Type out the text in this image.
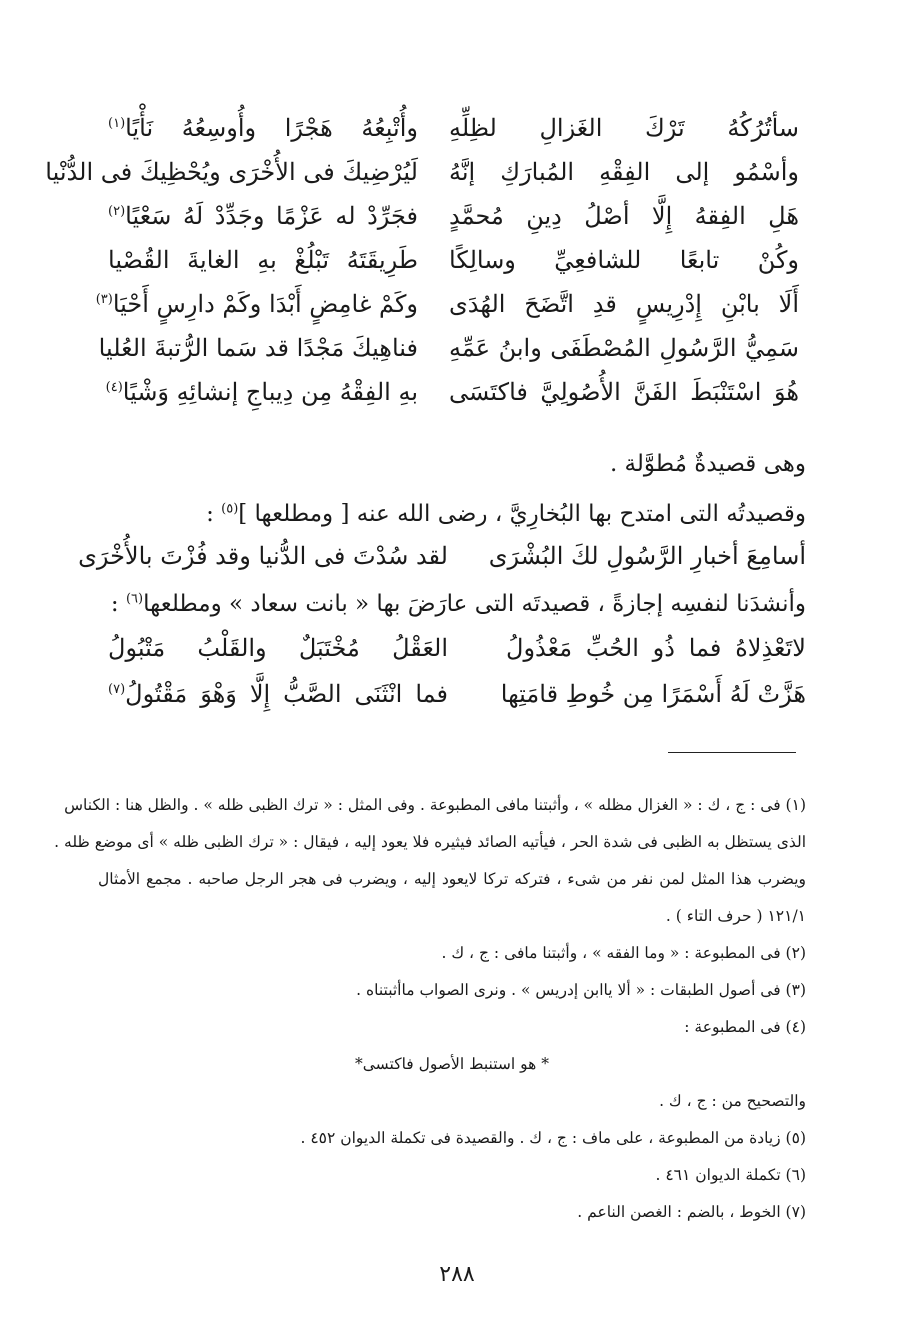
سأتُرُكُهُ تَرْكَ الغَزالِ لظِلِّهِ
وأُتْبِعُهُ هَجْرًا وأُوسِعُهُ نَأْيًا$^{(١)}$
وأسْمُو إلى الفِقْهِ المُبارَكِ إنَّهُ
لَيُرْضِيكَ فى الأُخْرَى ويُحْظِيكَ فى الدُّنْيا
هَلِ الفِقهُ إِلَّا أصْلُ دِينِ مُحمَّدٍ
فجَرِّدْ له عَزْمًا وجَدِّدْ لَهُ سَعْيًا$^{(٢)}$
وكُنْ تابعًا للشافعِيِّ وسالِكًا
طَرِيقَتَهُ تَبْلُغْ بهِ الغايةَ القُصْيا
أَلَا بابْنِ إِدْرِيسٍ قدِ اتَّضَحَ الهُدَى
وكَمْ غامِضٍ أَبْدَا وكَمْ دارِسٍ أَحْيَا$^{(٣)}$
سَمِيُّ الرَّسُولِ المُصْطَفَى وابنُ عَمِّهِ
فناهِيكَ مَجْدًا قد سَما الرُّتبةَ العُليا
هُوَ اسْتَنْبَطَ الفَنَّ الأُصُولِيَّ فاكتَسَى
بهِ الفِقْهُ مِن دِيباجِ إنشائِهِ وَشْيًا$^{(٤)}$
وهى قصيدةٌ مُطوَّلة .
وقصيدتُه التى امتدح بها البُخارِيَّ ، رضى الله عنه [ ومطلعها ]$^{(٥)}$ :
أسامِعَ أخبارِ الرَّسُولِ لكَ البُشْرَى
لقد سُدْتَ فى الدُّنيا وقد فُزْتَ بالأُخْرَى
وأنشدَنا لنفسِه إجازةً ، قصيدتَه التى عارَضَ بها « بانت سعاد » ومطلعها$^{(٦)}$ :
لاتَعْذِلاهُ فما ذُو الحُبِّ مَعْذُولُ
العَقْلُ مُخْتَبَلٌ والقَلْبُ مَتْبُولُ
هَزَّتْ لَهُ أَسْمَرًا مِن خُوطِ قامَتِها
فما انْثَنَى الصَّبُّ إِلَّا وَهْوَ مَقْتُولُ$^{(٧)}$
(١) فى : ج ، ك : « الغزال مظله » ، وأثبتنا مافى المطبوعة . وفى المثل : « ترك الظبى ظله » . والظل هنا : الكناس
الذى يستظل به الظبى فى شدة الحر ، فيأتيه الصائد فيثيره فلا يعود إليه ، فيقال : « ترك الظبى ظله » أى موضع ظله .
ويضرب هذا المثل لمن نفر من شىء ، فتركه تركا لايعود إليه ، ويضرب فى هجر الرجل صاحبه . مجمع الأمثال
١٢١/١ ( حرف التاء ) .
(٢) فى المطبوعة : « وما الفقه » ، وأثبتنا مافى : ج ، ك .
(٣) فى أصول الطبقات : « ألا ياابن إدريس » . ونرى الصواب ماأثبتناه .
(٤) فى المطبوعة :
* هو استنبط الأصول فاكتسى*
والتصحيح من : ج ، ك .
(٥) زيادة من المطبوعة ، على ماف : ج ، ك . والقصيدة فى تكملة الديوان ٤٥٢ .
(٦) تكملة الديوان ٤٦١ .
(٧) الخوط ، بالضم : الغصن الناعم .
٢٨٨
